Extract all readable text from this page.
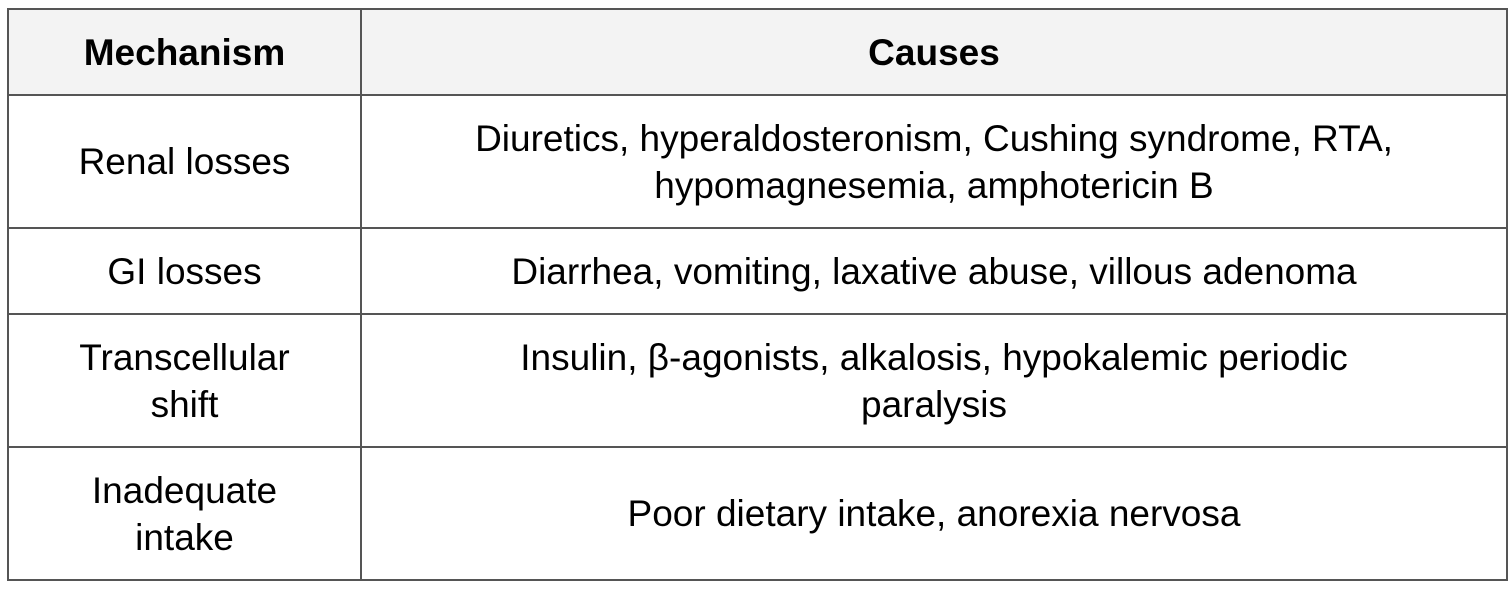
Mechanism	Causes
Renal losses	Diuretics, hyperaldosteronism, Cushing syndrome, RTA, hypomagnesemia, amphotericin B
GI losses	Diarrhea, vomiting, laxative abuse, villous adenoma
Transcellular shift	Insulin, β-agonists, alkalosis, hypokalemic periodic paralysis
Inadequate intake	Poor dietary intake, anorexia nervosa
